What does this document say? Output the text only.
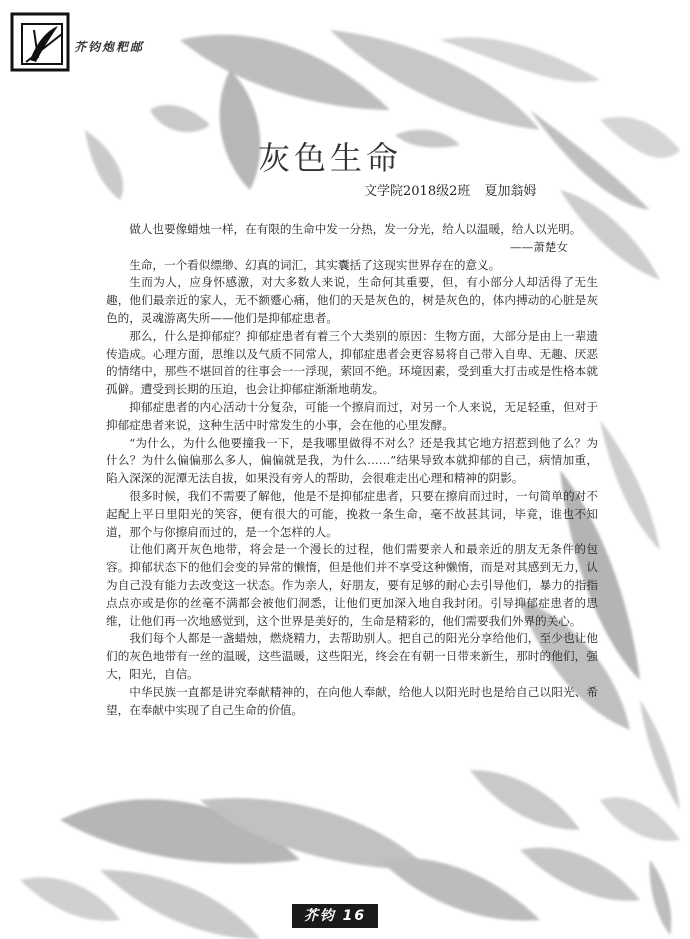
芥钧炮粑邮
灰色生命
文学院2018级2班 夏加翁姆

做人也要像蜡烛一样，在有限的生命中发一分热，发一分光，给人以温暖，给人以光明。

——萧楚女

生命，一个看似缥缈、幻真的词汇，其实囊括了这现实世界存在的意义。

生而为人，应身怀感激，对大多数人来说，生命何其重要，但，有小部分人却活得了无生趣，他们最亲近的家人，无不额蹙心痛，他们的天是灰色的，树是灰色的，体内搏动的心脏是灰色的，灵魂游离失所——他们是抑郁症患者。

那么，什么是抑郁症？抑郁症患者有着三个大类别的原因：生物方面，大部分是由上一辈遗传造成。心理方面，思维以及气质不同常人，抑郁症患者会更容易将自己带入自卑、无趣、厌恶的情绪中，那些不堪回首的往事会一一浮现，萦回不绝。环境因素，受到重大打击或是性格本就孤僻。遭受到长期的压迫，也会让抑郁症渐渐地萌发。

抑郁症患者的内心活动十分复杂，可能一个擦肩而过，对另一个人来说，无足轻重，但对于抑郁症患者来说，这种生活中时常发生的小事，会在他的心里发酵。

“为什么，为什么他要撞我一下，是我哪里做得不对么？还是我其它地方招惹到他了么？为什么？为什么偏偏那么多人，偏偏就是我，为什么……”结果导致本就抑郁的自己，病情加重，陷入深深的泥潭无法自拔，如果没有旁人的帮助，会很难走出心理和精神的阴影。

很多时候，我们不需要了解他，他是不是抑郁症患者，只要在擦肩而过时，一句简单的对不起配上平日里阳光的笑容，便有很大的可能，挽救一条生命，毫不故甚其词，毕竟，谁也不知道，那个与你擦肩而过的，是一个怎样的人。

让他们离开灰色地带，将会是一个漫长的过程，他们需要亲人和最亲近的朋友无条件的包容。抑郁状态下的他们会变的异常的懒惰，但是他们并不享受这种懒惰，而是对其感到无力，认为自己没有能力去改变这一状态。作为亲人，好朋友，要有足够的耐心去引导他们，暴力的指指点点亦或是你的丝毫不满都会被他们洞悉，让他们更加深入地自我封闭。引导抑郁症患者的思维，让他们再一次地感觉到，这个世界是美好的，生命是精彩的，他们需要我们外界的关心。

我们每个人都是一盏蜡烛，燃烧精力，去帮助别人。把自己的阳光分享给他们，至少也让他们的灰色地带有一丝的温暖，这些温暖，这些阳光，终会在有朝一日带来新生，那时的他们，强大，阳光，自信。

中华民族一直都是讲究奉献精神的，在向他人奉献，给他人以阳光时也是给自己以阳光、希望，在奉献中实现了自己生命的价值。

芥钧 16
